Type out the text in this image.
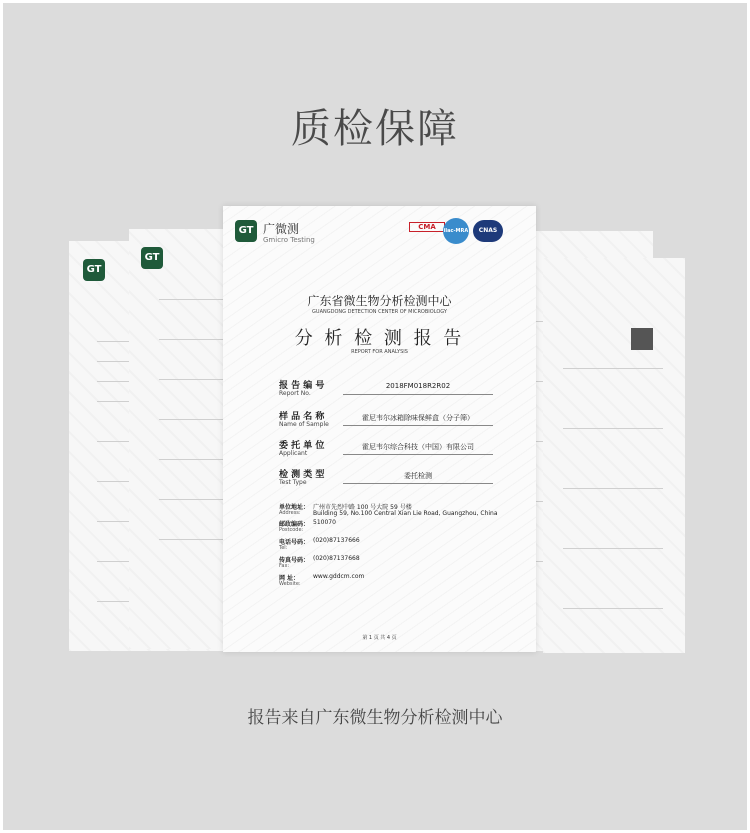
质检保障
GT
GT
GT 广微测
Gmicro Testing
CMA	ilac-MRA	CNAS
广东省微生物分析检测中心
GUANGDONG DETECTION CENTER OF MICROBIOLOGY
分 析 检 测 报 告
REPORT FOR ANALYSIS
报 告 编 号
Report No.
2018FM018R2R02
样 品 名 称
Name of Sample
霍尼韦尔冰箱除味保鲜盒（分子筛）
委 托 单 位
Applicant
霍尼韦尔综合科技（中国）有限公司
检 测 类 型
Test Type
委托检测
单位地址：
Address:
广州市先烈中路 100 号大院 59 号楼
Building 59, No.100 Central Xian Lie Road, Guangzhou, China
邮政编码：
Postcode:
510070
电话号码：
Tel:
(020)87137666
传真号码：
Fax:
(020)87137668
网 址：
Website:
www.gddcm.com
第 1 页 共 4 页
报告来自广东微生物分析检测中心
